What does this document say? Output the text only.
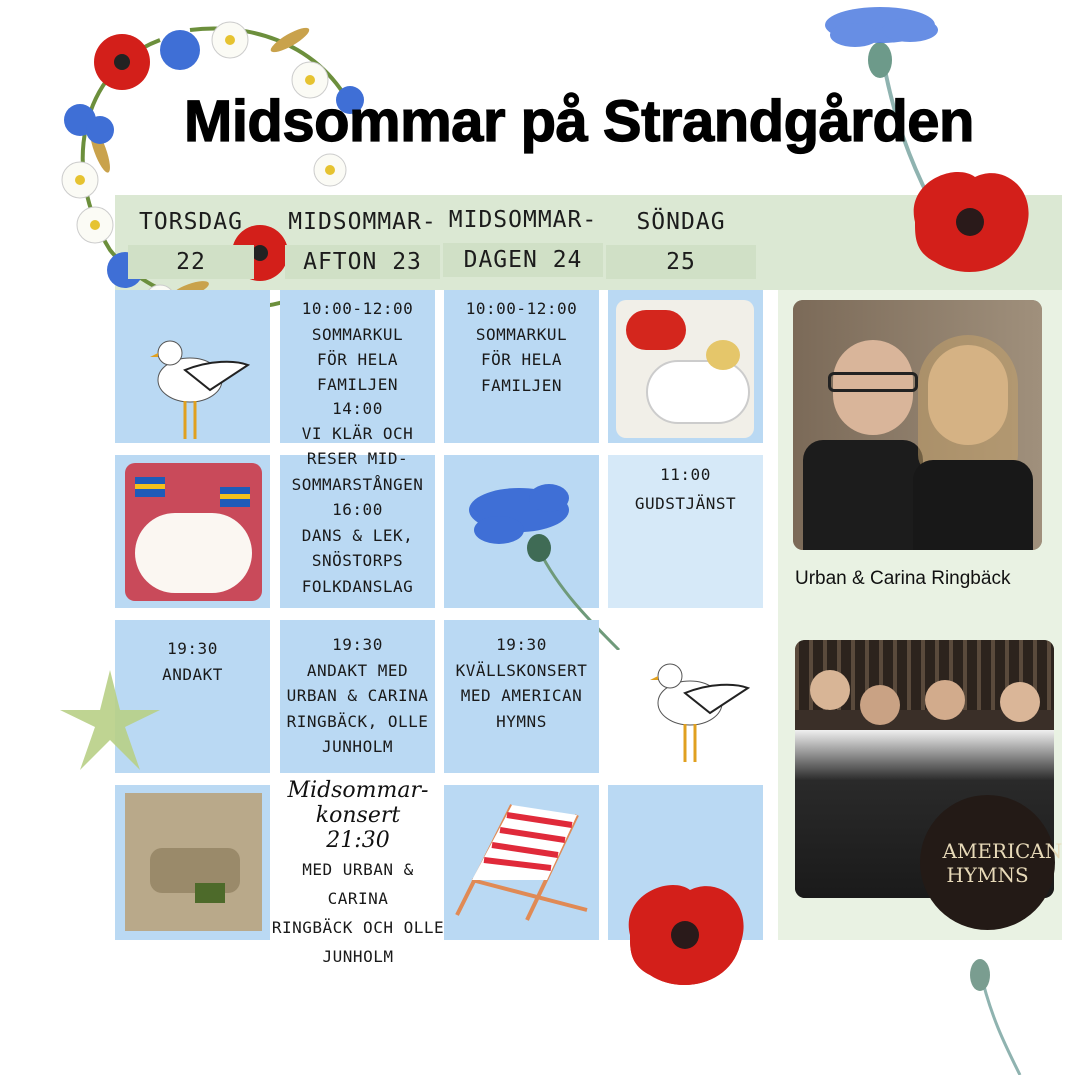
Midsommar på Strandgården
TORSDAG
22
MIDSOMMAR-
AFTON 23
MIDSOMMAR-
DAGEN 24
SÖNDAG
25
10:00-12:00
SOMMARKUL
FÖR HELA
FAMILJEN
14:00
VI KLÄR OCH
RESER MID-
SOMMARSTÅNGEN
16:00
DANS & LEK,
SNÖSTORPS
FOLKDANSLAG
10:00-12:00
SOMMARKUL
FÖR HELA
FAMILJEN
11:00
GUDSTJÄNST
19:30
ANDAKT
19:30
ANDAKT MED
URBAN & CARINA
RINGBÄCK, OLLE
JUNHOLM
19:30
KVÄLLSKONSERT
MED AMERICAN
HYMNS
Midsommar-
konsert
21:30
MED URBAN & CARINA
RINGBÄCK OCH OLLE
JUNHOLM
Urban & Carina Ringbäck
AMERICAN HYMNS
